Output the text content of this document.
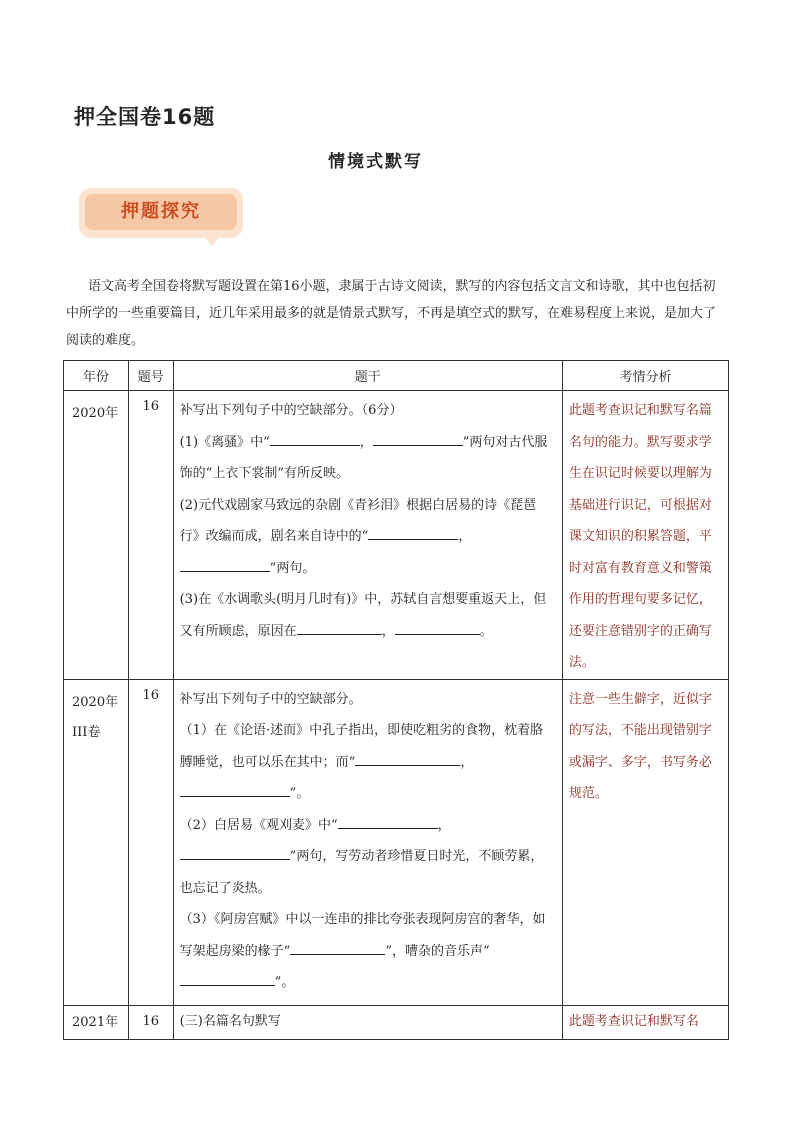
押全国卷16题
情境式默写
押题探究
语文高考全国卷将默写题设置在第16小题，隶属于古诗文阅读，默写的内容包括文言文和诗歌，其中也包括初中所学的一些重要篇目，近几年采用最多的就是情景式默写，不再是填空式的默写，在难易程度上来说，是加大了阅读的难度。
年份	题号	题干	考情分析
2020年	16	补写出下列句子中的空缺部分。（6分）

(1)《离骚》中“ ， ”两句对古代服饰的“上衣下裳制”有所反映。

(2)元代戏剧家马致远的杂剧《青衫泪》根据白居易的诗《琵琶行》改编而成，剧名来自诗中的“ ，”两句。

(3)在《水调歌头(明月几时有)》中，苏轼自言想要重返天上，但又有所顾虑，原因在 ， 。	此题考查识记和默写名篇名句的能力。默写要求学生在识记时候要以理解为基础进行识记，可根据对课文知识的积累答题，平时对富有教育意义和警策作用的哲理句要多记忆，还要注意错别字的正确写法。
2020年III卷	16	补写出下列句子中的空缺部分。

（1）在《论语·述而》中孔子指出，即使吃粗劣的食物，枕着胳膊睡觉，也可以乐在其中；而“ ，”。

（2）白居易《观刈麦》中“ ，”两句，写劳动者珍惜夏日时光，不顾劳累，也忘记了炎热。

（3）《阿房宫赋》中以一连串的排比夸张表现阿房宫的奢华，如写架起房梁的椽子“ ”，嘈杂的音乐声“”。	注意一些生僻字，近似字的写法，不能出现错别字或漏字、多字，书写务必规范。
2021年	16	(三)名篇名句默写	此题考查识记和默写名
